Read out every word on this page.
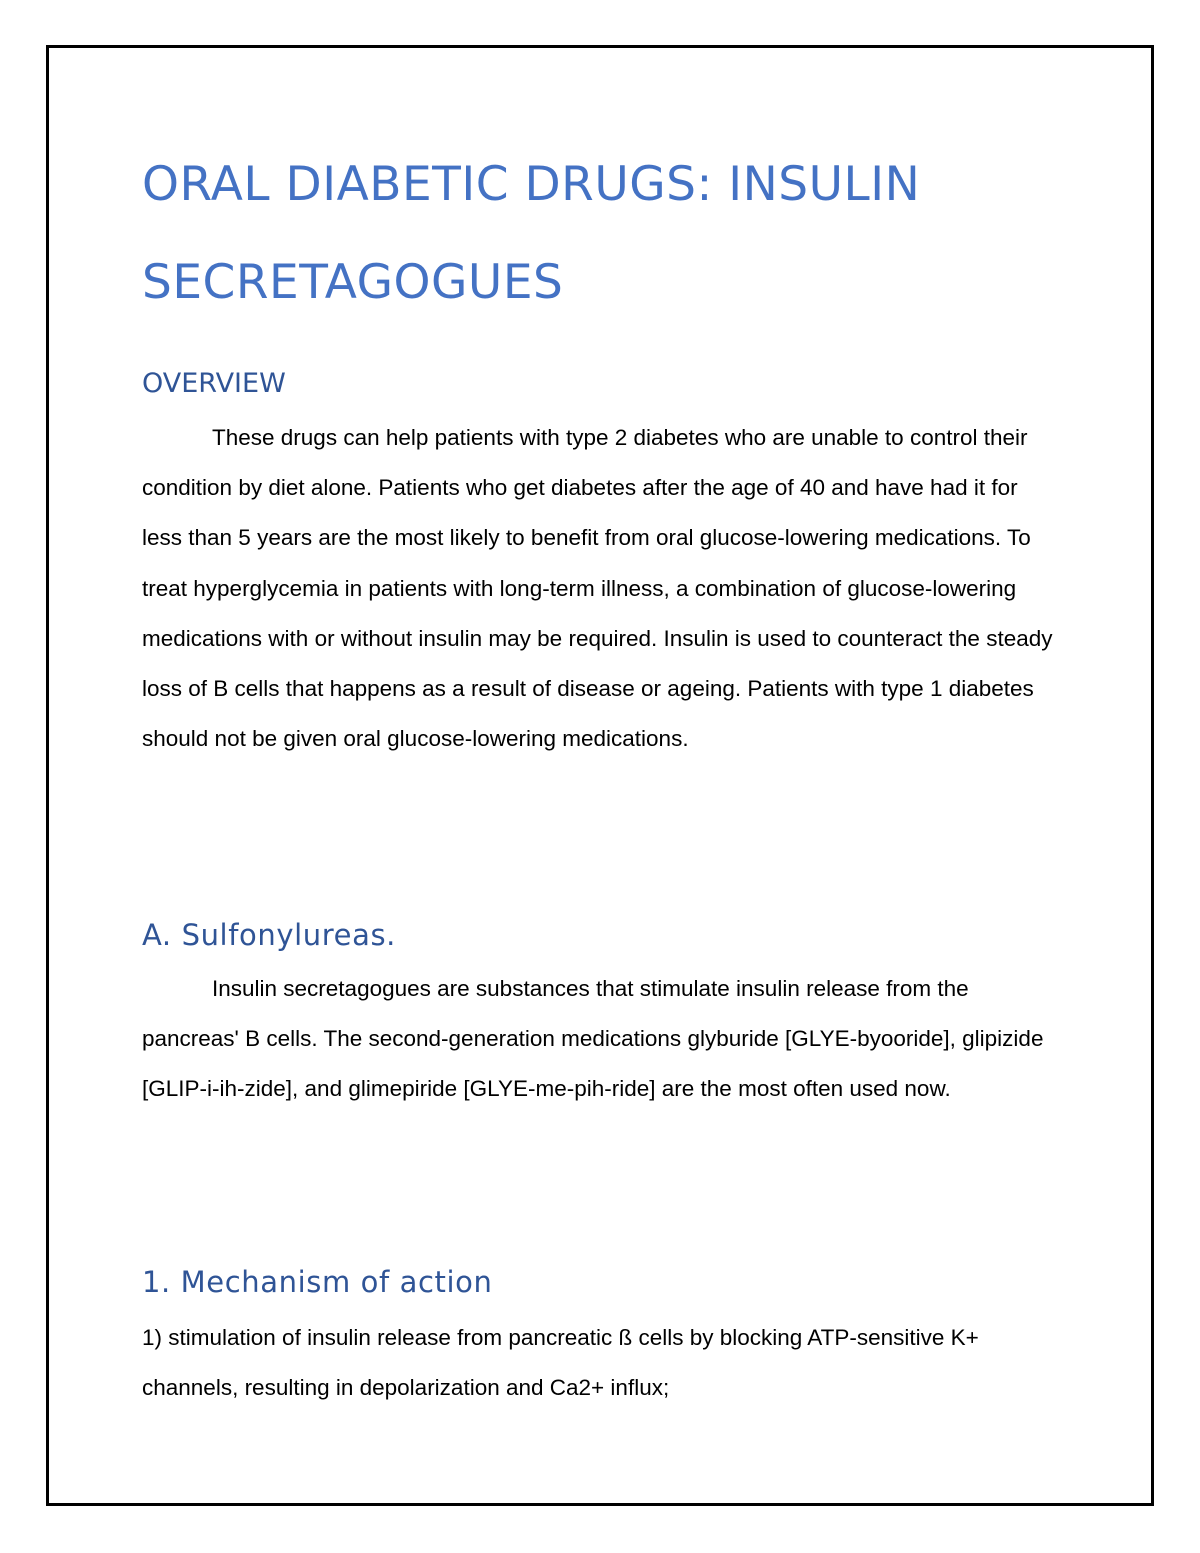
ORAL DIABETIC DRUGS: INSULIN SECRETAGOGUES
OVERVIEW

These drugs can help patients with type 2 diabetes who are unable to control their condition by diet alone. Patients who get diabetes after the age of 40 and have had it for less than 5 years are the most likely to benefit from oral glucose-lowering medications. To treat hyperglycemia in patients with long-term illness, a combination of glucose-lowering medications with or without insulin may be required. Insulin is used to counteract the steady loss of B cells that happens as a result of disease or ageing. Patients with type 1 diabetes should not be given oral glucose-lowering medications.

A. Sulfonylureas.

Insulin secretagogues are substances that stimulate insulin release from the pancreas' B cells. The second-generation medications glyburide [GLYE-byooride], glipizide [GLIP-i-ih-zide], and glimepiride [GLYE-me-pih-ride] are the most often used now.

1. Mechanism of action

1) stimulation of insulin release from pancreatic ß cells by blocking ATP-sensitive K+ channels, resulting in depolarization and Ca2+ influx;
